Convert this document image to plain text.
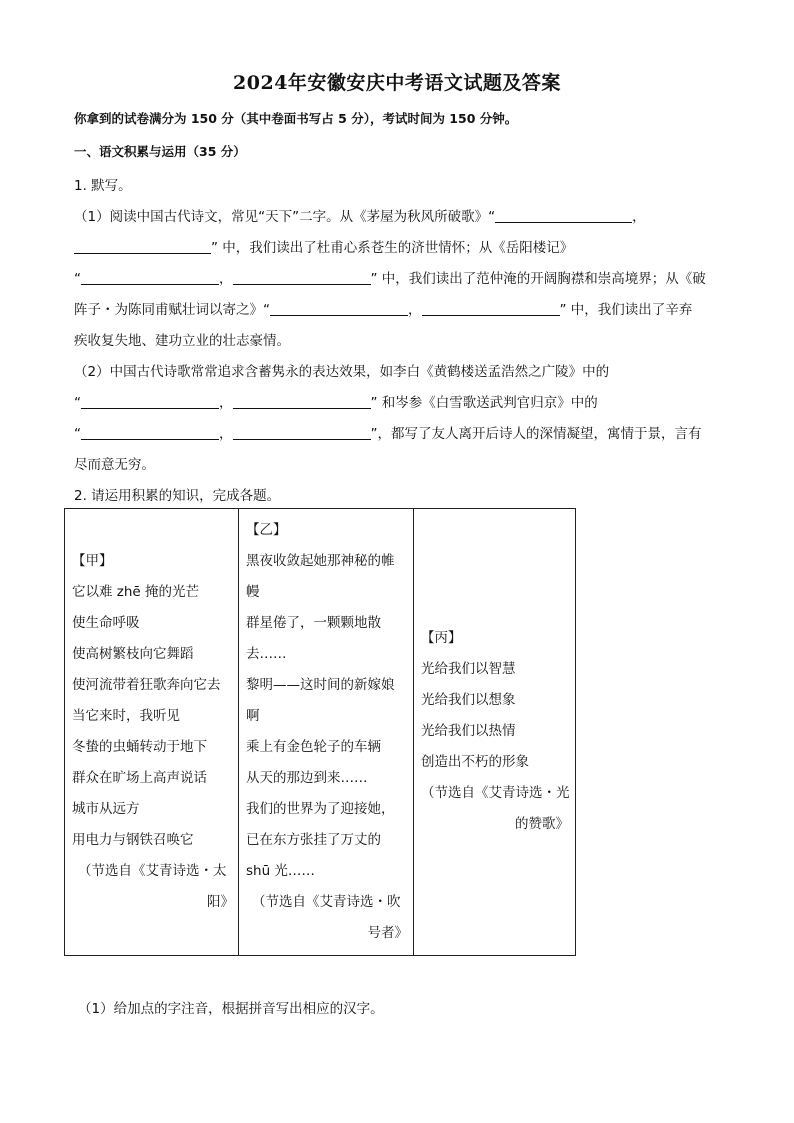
2024年安徽安庆中考语文试题及答案
你拿到的试卷满分为 150 分（其中卷面书写占 5 分），考试时间为 150 分钟。
一、语文积累与运用（35 分）
1. 默写。
（1）阅读中国古代诗文，常见“天下”二字。从《茅屋为秋风所破歌》“	，
” 中，我们读出了杜甫心系苍生的济世情怀；从《岳阳楼记》
“	，	” 中，我们读出了范仲淹的开阔胸襟和崇高境界；从《破
阵子・为陈同甫赋壮词以寄之》“	，	” 中，我们读出了辛弃
疾收复失地、建功立业的壮志豪情。
（2）中国古代诗歌常常追求含蓄隽永的表达效果，如李白《黄鹤楼送孟浩然之广陵》中的
“	，	” 和岑参《白雪歌送武判官归京》中的
“	，	”，都写了友人离开后诗人的深情凝望，寓情于景，言有
尽而意无穷。
2. 请运用积累的知识，完成各题。
【甲】
它以难 zhē 掩的光芒
使生命呼吸
使高树繁枝向它舞蹈
使河流带着狂歌奔向它去
当它来时，我听见
冬蛰的虫蛹转动于地下
群众在旷场上高声说话
城市从远方
用电力与钢铁召唤它
（节选自《艾青诗选・太
阳》
【乙】
黑夜收敛起她那神秘的帷
幔
群星倦了，一颗颗地散
去……
黎明——这时间的新嫁娘
啊
乘上有金色轮子的车辆
从天的那边到来……
我们的世界为了迎接她，
已在东方张挂了万丈的
shū 光……
（节选自《艾青诗选・吹
号者》
【丙】
光给我们以智慧
光给我们以想象
光给我们以热情
创造出不朽的形象
（节选自《艾青诗选・光
的赞歌》
（1）给加点的字注音，根据拼音写出相应的汉字。
